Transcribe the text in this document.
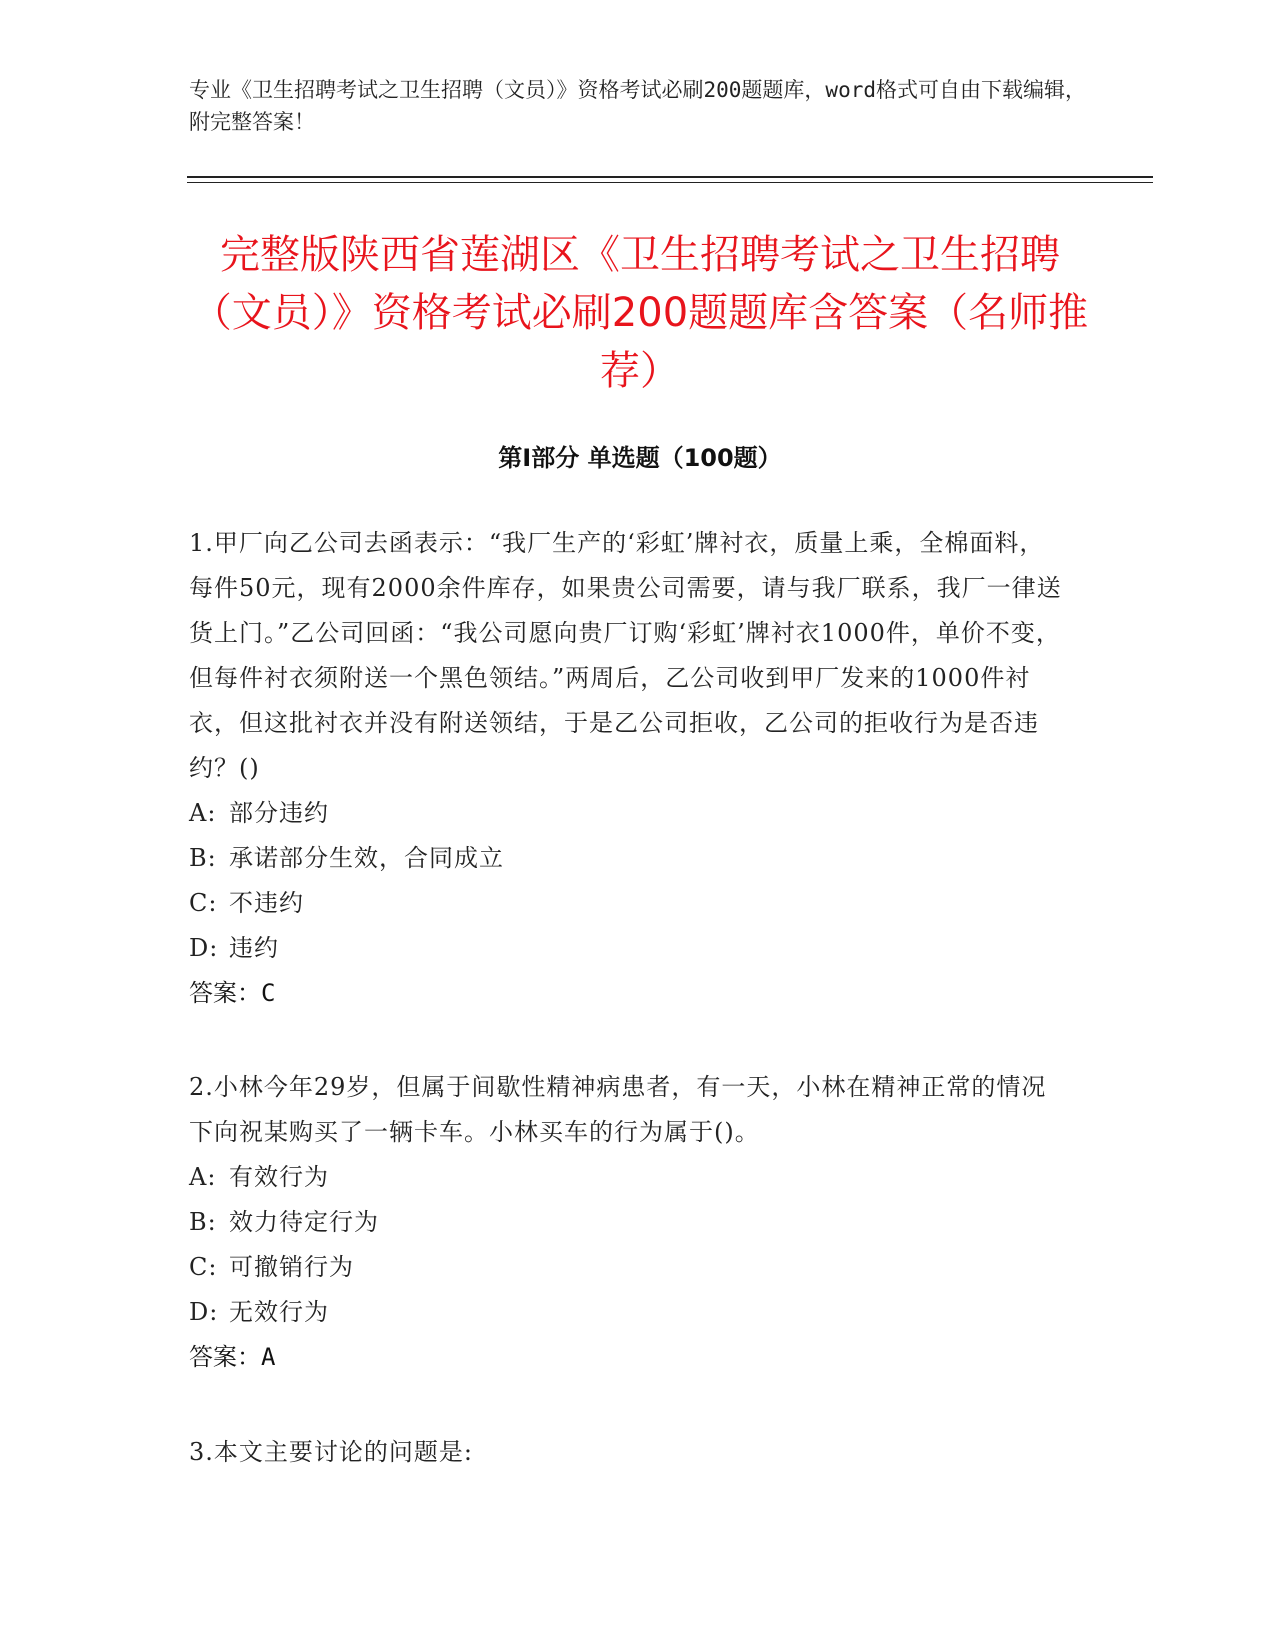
专业《卫生招聘考试之卫生招聘（文员）》资格考试必刷200题题库，word格式可自由下载编辑，附完整答案！
完整版陕西省莲湖区《卫生招聘考试之卫生招聘（文员）》资格考试必刷200题题库含答案（名师推荐）
第Ⅰ部分 单选题（100题）
1.甲厂向乙公司去函表示：“我厂生产的‘彩虹’牌衬衣，质量上乘，全棉面料，每件50元，现有2000余件库存，如果贵公司需要，请与我厂联系，我厂一律送货上门。”乙公司回函：“我公司愿向贵厂订购‘彩虹’牌衬衣1000件，单价不变，但每件衬衣须附送一个黑色领结。”两周后，乙公司收到甲厂发来的1000件衬衣，但这批衬衣并没有附送领结，于是乙公司拒收，乙公司的拒收行为是否违约？()
A: 部分违约
B: 承诺部分生效，合同成立
C: 不违约
D: 违约
答案：C
2.小林今年29岁，但属于间歇性精神病患者，有一天，小林在精神正常的情况下向祝某购买了一辆卡车。小林买车的行为属于()。
A: 有效行为
B: 效力待定行为
C: 可撤销行为
D: 无效行为
答案：A
3.本文主要讨论的问题是:
